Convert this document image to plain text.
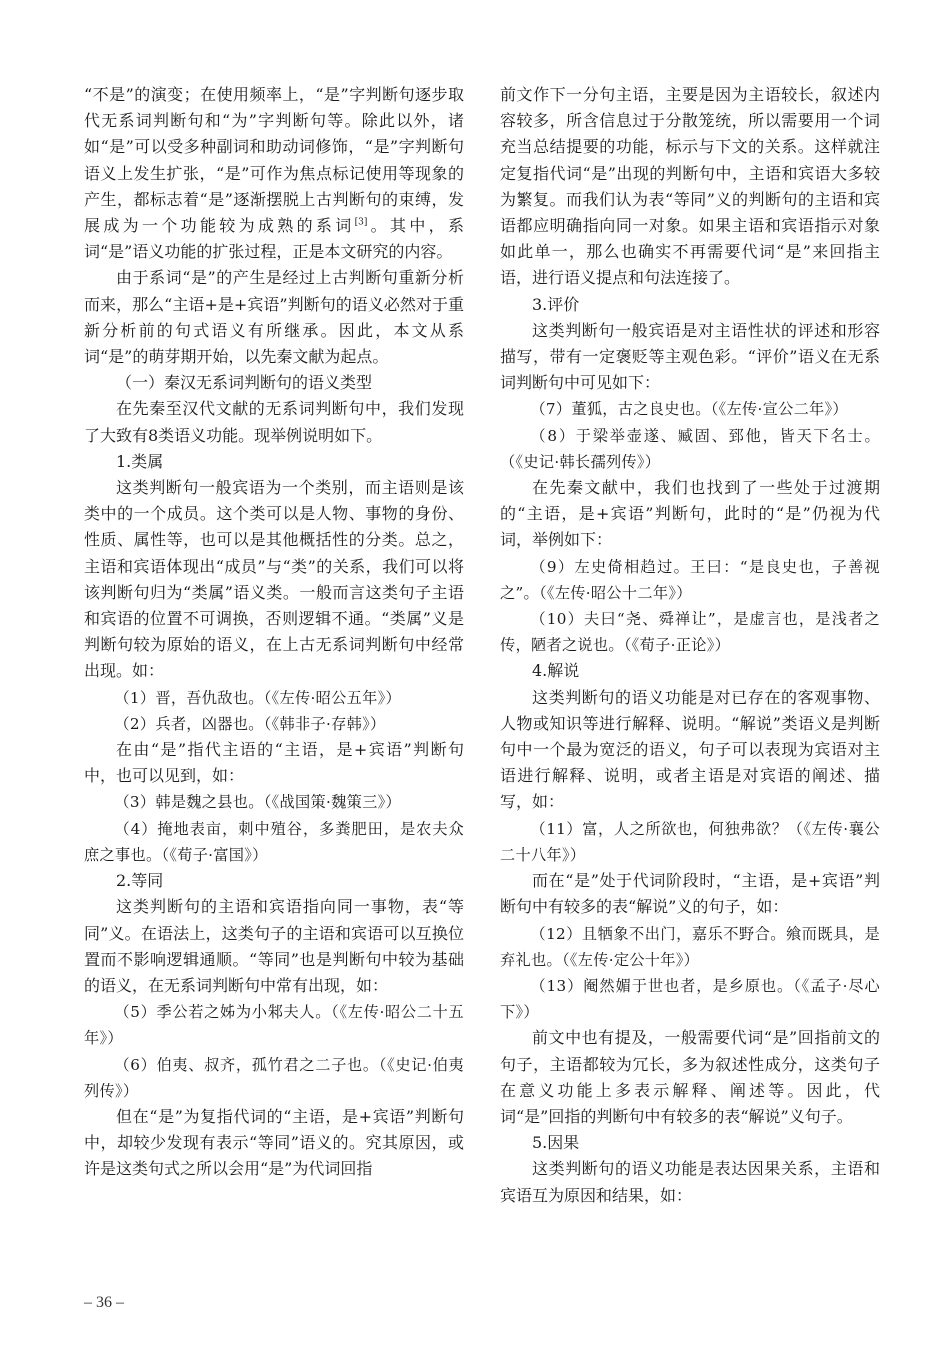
“不是”的演变；在使用频率上，“是”字判断句逐步取代无系词判断句和“为”字判断句等。除此以外，诸如“是”可以受多种副词和助动词修饰，“是”字判断句语义上发生扩张，“是”可作为焦点标记使用等现象的产生，都标志着“是”逐渐摆脱上古判断句的束缚，发展成为一个功能较为成熟的系词[3]。其中，系词“是”语义功能的扩张过程，正是本文研究的内容。

由于系词“是”的产生是经过上古判断句重新分析而来，那么“主语+是+宾语”判断句的语义必然对于重新分析前的句式语义有所继承。因此，本文从系词“是”的萌芽期开始，以先秦文献为起点。

（一）秦汉无系词判断句的语义类型

在先秦至汉代文献的无系词判断句中，我们发现了大致有8类语义功能。现举例说明如下。

1.类属

这类判断句一般宾语为一个类别，而主语则是该类中的一个成员。这个类可以是人物、事物的身份、性质、属性等，也可以是其他概括性的分类。总之，主语和宾语体现出“成员”与“类”的关系，我们可以将该判断句归为“类属”语义类。一般而言这类句子主语和宾语的位置不可调换，否则逻辑不通。“类属”义是判断句较为原始的语义，在上古无系词判断句中经常出现。如：

（1）晋，吾仇敌也。（《左传·昭公五年》）

（2）兵者，凶器也。（《韩非子·存韩》）

在由“是”指代主语的“主语，是+宾语”判断句中，也可以见到，如：

（3）韩是魏之县也。（《战国策·魏策三》）

（4）掩地表亩，刺中殖谷，多粪肥田，是农夫众庶之事也。（《荀子·富国》）

2.等同

这类判断句的主语和宾语指向同一事物，表“等同”义。在语法上，这类句子的主语和宾语可以互换位置而不影响逻辑通顺。“等同”也是判断句中较为基础的语义，在无系词判断句中常有出现，如：

（5）季公若之姊为小邾夫人。（《左传·昭公二十五年》）

（6）伯夷、叔齐，孤竹君之二子也。（《史记·伯夷列传》）

但在“是”为复指代词的“主语，是+宾语”判断句中，却较少发现有表示“等同”语义的。究其原因，或许是这类句式之所以会用“是”为代词回指

前文作下一分句主语，主要是因为主语较长，叙述内容较多，所含信息过于分散笼统，所以需要用一个词充当总结提要的功能，标示与下文的关系。这样就注定复指代词“是”出现的判断句中，主语和宾语大多较为繁复。而我们认为表“等同”义的判断句的主语和宾语都应明确指向同一对象。如果主语和宾语指示对象如此单一，那么也确实不再需要代词“是”来回指主语，进行语义提点和句法连接了。

3.评价

这类判断句一般宾语是对主语性状的评述和形容描写，带有一定褒贬等主观色彩。“评价”语义在无系词判断句中可见如下：

（7）董狐，古之良史也。（《左传·宣公二年》）

（8）于梁举壶遂、臧固、郅他，皆天下名士。（《史记·韩长孺列传》）

在先秦文献中，我们也找到了一些处于过渡期的“主语，是+宾语”判断句，此时的“是”仍视为代词，举例如下：

（9）左史倚相趋过。王曰：“是良史也，子善视之”。（《左传·昭公十二年》）

（10）夫曰“尧、舜禅让”，是虚言也，是浅者之传，陋者之说也。（《荀子·正论》）

4.解说

这类判断句的语义功能是对已存在的客观事物、人物或知识等进行解释、说明。“解说”类语义是判断句中一个最为宽泛的语义，句子可以表现为宾语对主语进行解释、说明，或者主语是对宾语的阐述、描写，如：

（11）富，人之所欲也，何独弗欲？（《左传·襄公二十八年》）

而在“是”处于代词阶段时，“主语，是+宾语”判断句中有较多的表“解说”义的句子，如：

（12）且牺象不出门，嘉乐不野合。飨而既具，是弃礼也。（《左传·定公十年》）

（13）阉然媚于世也者，是乡原也。（《孟子·尽心下》）

前文中也有提及，一般需要代词“是”回指前文的句子，主语都较为冗长，多为叙述性成分，这类句子在意义功能上多表示解释、阐述等。因此，代词“是”回指的判断句中有较多的表“解说”义句子。

5.因果

这类判断句的语义功能是表达因果关系，主语和宾语互为原因和结果，如：

– 36 –
